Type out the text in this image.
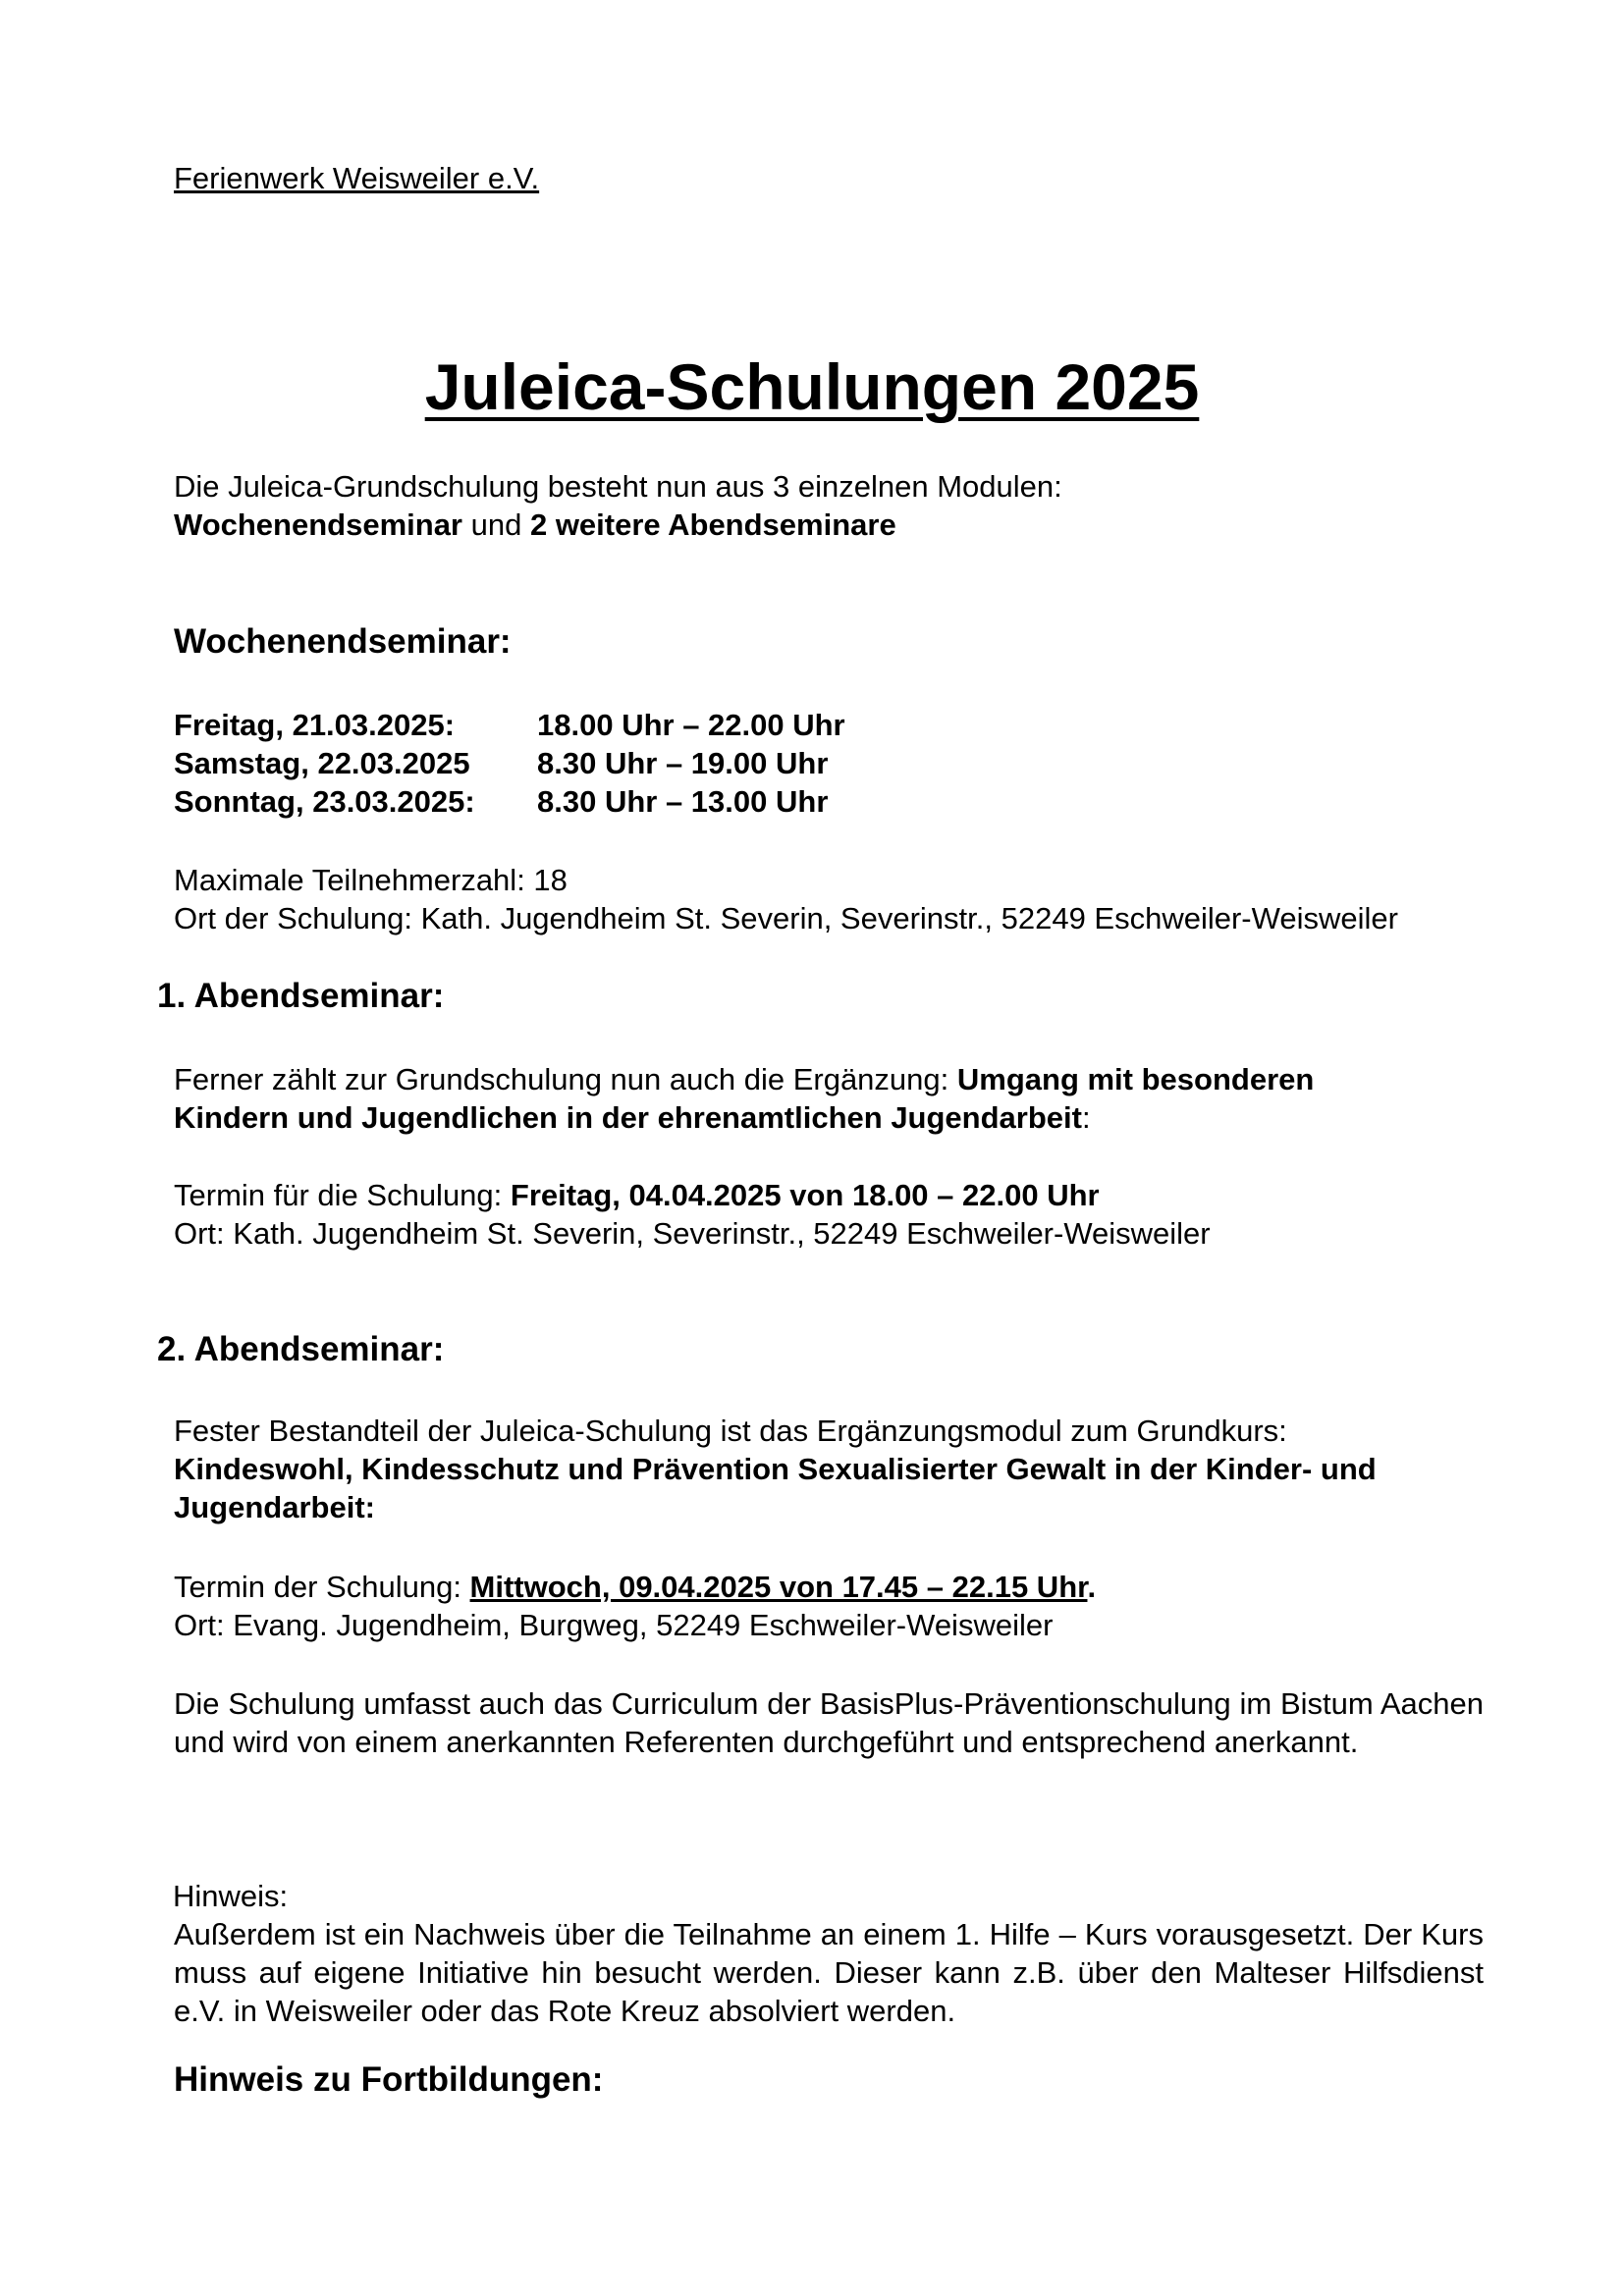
Ferienwerk Weisweiler e.V.
Juleica-Schulungen 2025
Die Juleica-Grundschulung besteht nun aus 3 einzelnen Modulen:
Wochenendseminar und 2 weitere Abendseminare
Wochenendseminar:
Freitag, 21.03.2025:	18.00 Uhr – 22.00 Uhr
Samstag, 22.03.2025 8.30 Uhr – 19.00 Uhr
Sonntag, 23.03.2025: 8.30 Uhr – 13.00 Uhr
Maximale Teilnehmerzahl: 18
Ort der Schulung: Kath. Jugendheim St. Severin, Severinstr., 52249 Eschweiler-Weisweiler
1. Abendseminar:
Ferner zählt zur Grundschulung nun auch die Ergänzung: Umgang mit besonderen
Kindern und Jugendlichen in der ehrenamtlichen Jugendarbeit:
Termin für die Schulung: Freitag, 04.04.2025 von 18.00 – 22.00 Uhr
Ort: Kath. Jugendheim St. Severin, Severinstr., 52249 Eschweiler-Weisweiler
2. Abendseminar:
Fester Bestandteil der Juleica-Schulung ist das Ergänzungsmodul zum Grundkurs:
Kindeswohl, Kindesschutz und Prävention Sexualisierter Gewalt in der Kinder- und
Jugendarbeit:
Termin der Schulung: Mittwoch, 09.04.2025 von 17.45 – 22.15 Uhr.
Ort: Evang. Jugendheim, Burgweg, 52249 Eschweiler-Weisweiler
Die Schulung umfasst auch das Curriculum der BasisPlus-Präventionschulung im Bistum Aachen und wird von einem anerkannten Referenten durchgeführt und entsprechend anerkannt.
Hinweis:
Außerdem ist ein Nachweis über die Teilnahme an einem 1. Hilfe – Kurs vorausgesetzt. Der Kurs muss auf eigene Initiative hin besucht werden. Dieser kann z.B. über den Malteser Hilfsdienst e.V. in Weisweiler oder das Rote Kreuz absolviert werden.
Hinweis zu Fortbildungen:
